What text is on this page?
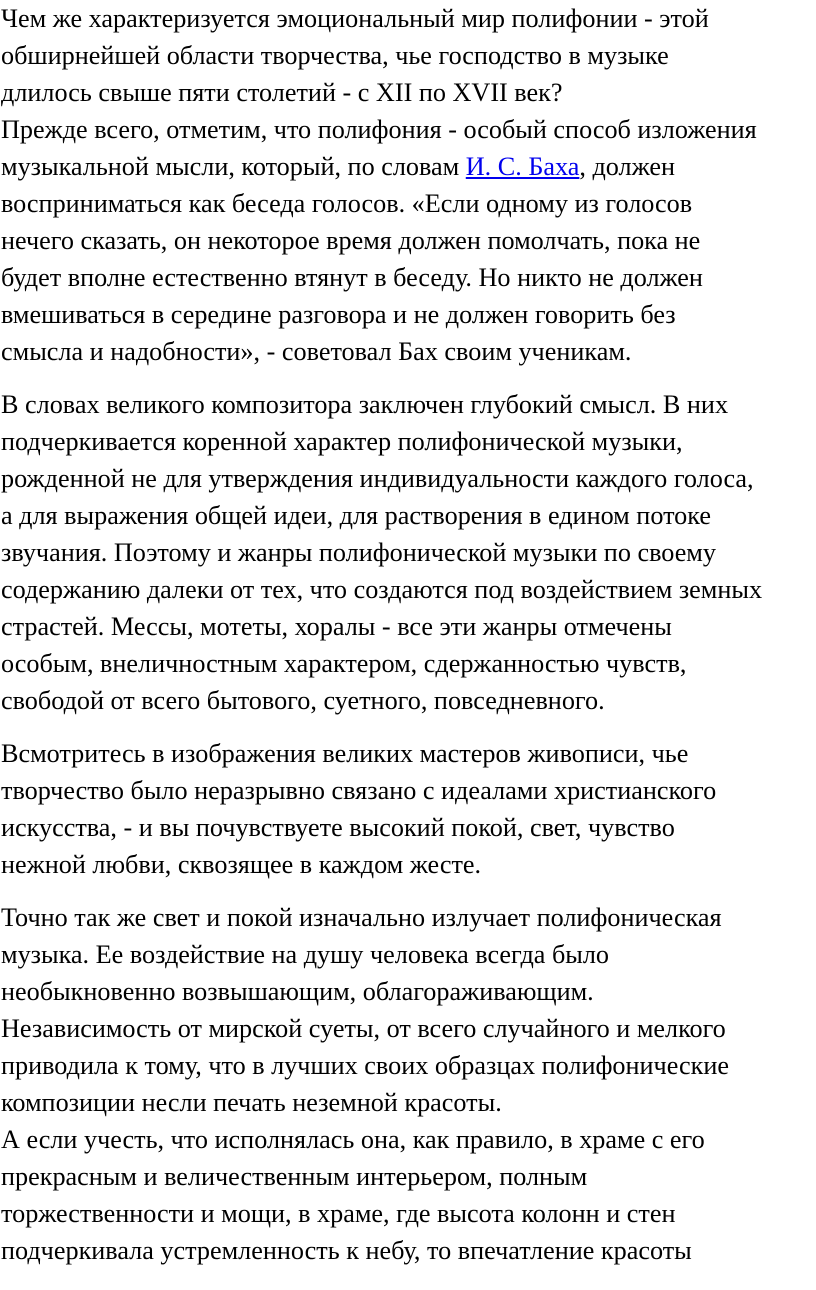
Чем же характеризуется эмоциональный мир полифонии - этой
обширнейшей области творчества, чье господство в музыке
длилось свыше пяти столетий - с XII по XVII век?

Прежде всего, отметим, что полифония - особый способ изложения
музыкальной мысли, который, по словам И. С. Баха, должен
восприниматься как беседа голосов. «Если одному из голосов
нечего сказать, он некоторое время должен помолчать, пока не
будет вполне естественно втянут в беседу. Но никто не должен
вмешиваться в середине разговора и не должен говорить без
смысла и надобности», - советовал Бах своим ученикам.

В словах великого композитора заключен глубокий смысл. В них
подчеркивается коренной характер полифонической музыки,
рожденной не для утверждения индивидуальности каждого голоса,
а для выражения общей идеи, для растворения в едином потоке
звучания. Поэтому и жанры полифонической музыки по своему
содержанию далеки от тех, что создаются под воздействием земных
страстей. Мессы, мотеты, хоралы - все эти жанры отмечены
особым, внеличностным характером, сдержанностью чувств,
свободой от всего бытового, суетного, повседневного.

Всмотритесь в изображения великих мастеров живописи, чье
творчество было неразрывно связано с идеалами христианского
искусства, - и вы почувствуете высокий покой, свет, чувство
нежной любви, сквозящее в каждом жесте.

Точно так же свет и покой изначально излучает полифоническая
музыка. Ее воздействие на душу человека всегда было
необыкновенно возвышающим, облагораживающим.
Независимость от мирской суеты, от всего случайного и мелкого
приводила к тому, что в лучших своих образцах полифонические
композиции несли печать неземной красоты.

А если учесть, что исполнялась она, как правило, в храме с его
прекрасным и величественным интерьером, полным
торжественности и мощи, в храме, где высота колонн и стен
подчеркивала устремленность к небу, то впечатление красоты
